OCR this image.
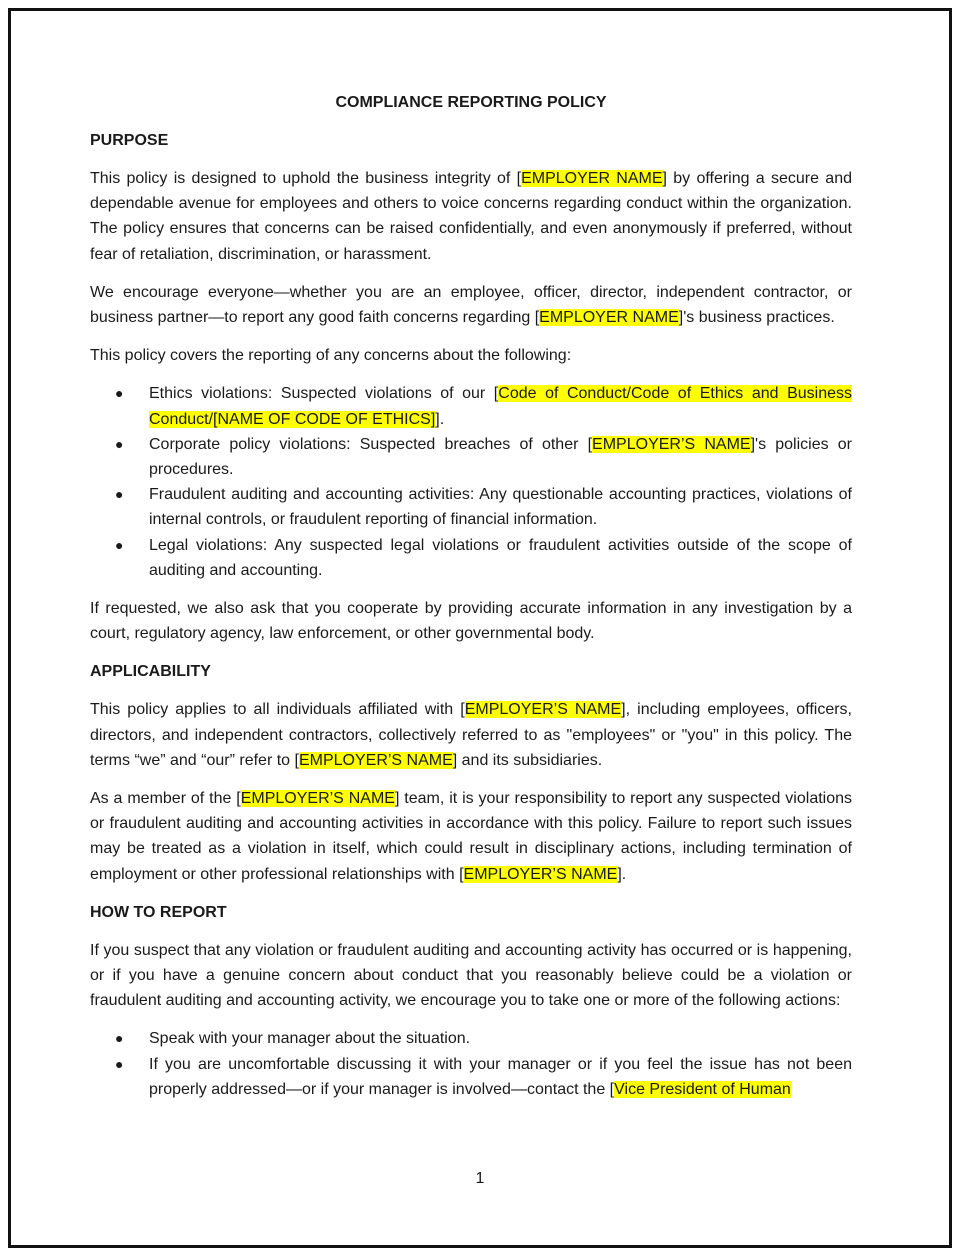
COMPLIANCE REPORTING POLICY
PURPOSE

This policy is designed to uphold the business integrity of [EMPLOYER NAME] by offering a secure and dependable avenue for employees and others to voice concerns regarding conduct within the organization. The policy ensures that concerns can be raised confidentially, and even anonymously if preferred, without fear of retaliation, discrimination, or harassment.

We encourage everyone—whether you are an employee, officer, director, independent contractor, or business partner—to report any good faith concerns regarding [EMPLOYER NAME]'s business practices.

This policy covers the reporting of any concerns about the following:

● Ethics violations: Suspected violations of our [Code of Conduct/Code of Ethics and Business Conduct/[NAME OF CODE OF ETHICS]].
● Corporate policy violations: Suspected breaches of other [EMPLOYER’S NAME]'s policies or procedures.
● Fraudulent auditing and accounting activities: Any questionable accounting practices, violations of internal controls, or fraudulent reporting of financial information.
● Legal violations: Any suspected legal violations or fraudulent activities outside of the scope of auditing and accounting.

If requested, we also ask that you cooperate by providing accurate information in any investigation by a court, regulatory agency, law enforcement, or other governmental body.

APPLICABILITY

This policy applies to all individuals affiliated with [EMPLOYER’S NAME], including employees, officers, directors, and independent contractors, collectively referred to as "employees" or "you" in this policy. The terms “we” and “our” refer to [EMPLOYER’S NAME] and its subsidiaries.

As a member of the [EMPLOYER’S NAME] team, it is your responsibility to report any suspected violations or fraudulent auditing and accounting activities in accordance with this policy. Failure to report such issues may be treated as a violation in itself, which could result in disciplinary actions, including termination of employment or other professional relationships with [EMPLOYER’S NAME].

HOW TO REPORT

If you suspect that any violation or fraudulent auditing and accounting activity has occurred or is happening, or if you have a genuine concern about conduct that you reasonably believe could be a violation or fraudulent auditing and accounting activity, we encourage you to take one or more of the following actions:

● Speak with your manager about the situation.
● If you are uncomfortable discussing it with your manager or if you feel the issue has not been properly addressed—or if your manager is involved—contact the [Vice President of Human
1
